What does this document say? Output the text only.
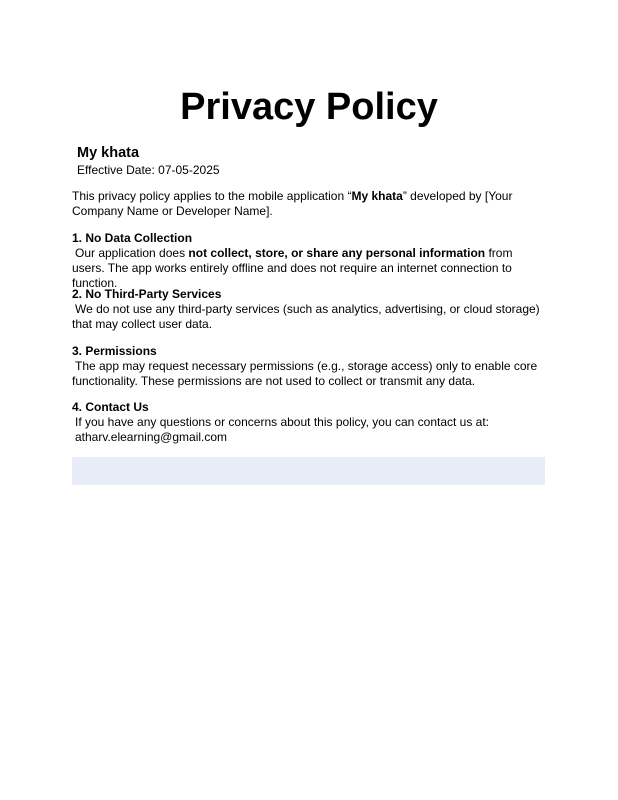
Privacy Policy
My khata
Effective Date: 07-05-2025
This privacy policy applies to the mobile application “My khata” developed by [Your Company Name or Developer Name].
1. No Data Collection
Our application does not collect, store, or share any personal information from users. The app works entirely offline and does not require an internet connection to function.
2. No Third-Party Services
We do not use any third-party services (such as analytics, advertising, or cloud storage) that may collect user data.
3. Permissions
The app may request necessary permissions (e.g., storage access) only to enable core functionality. These permissions are not used to collect or transmit any data.
4. Contact Us
If you have any questions or concerns about this policy, you can contact us at:
atharv.elearning@gmail.com
